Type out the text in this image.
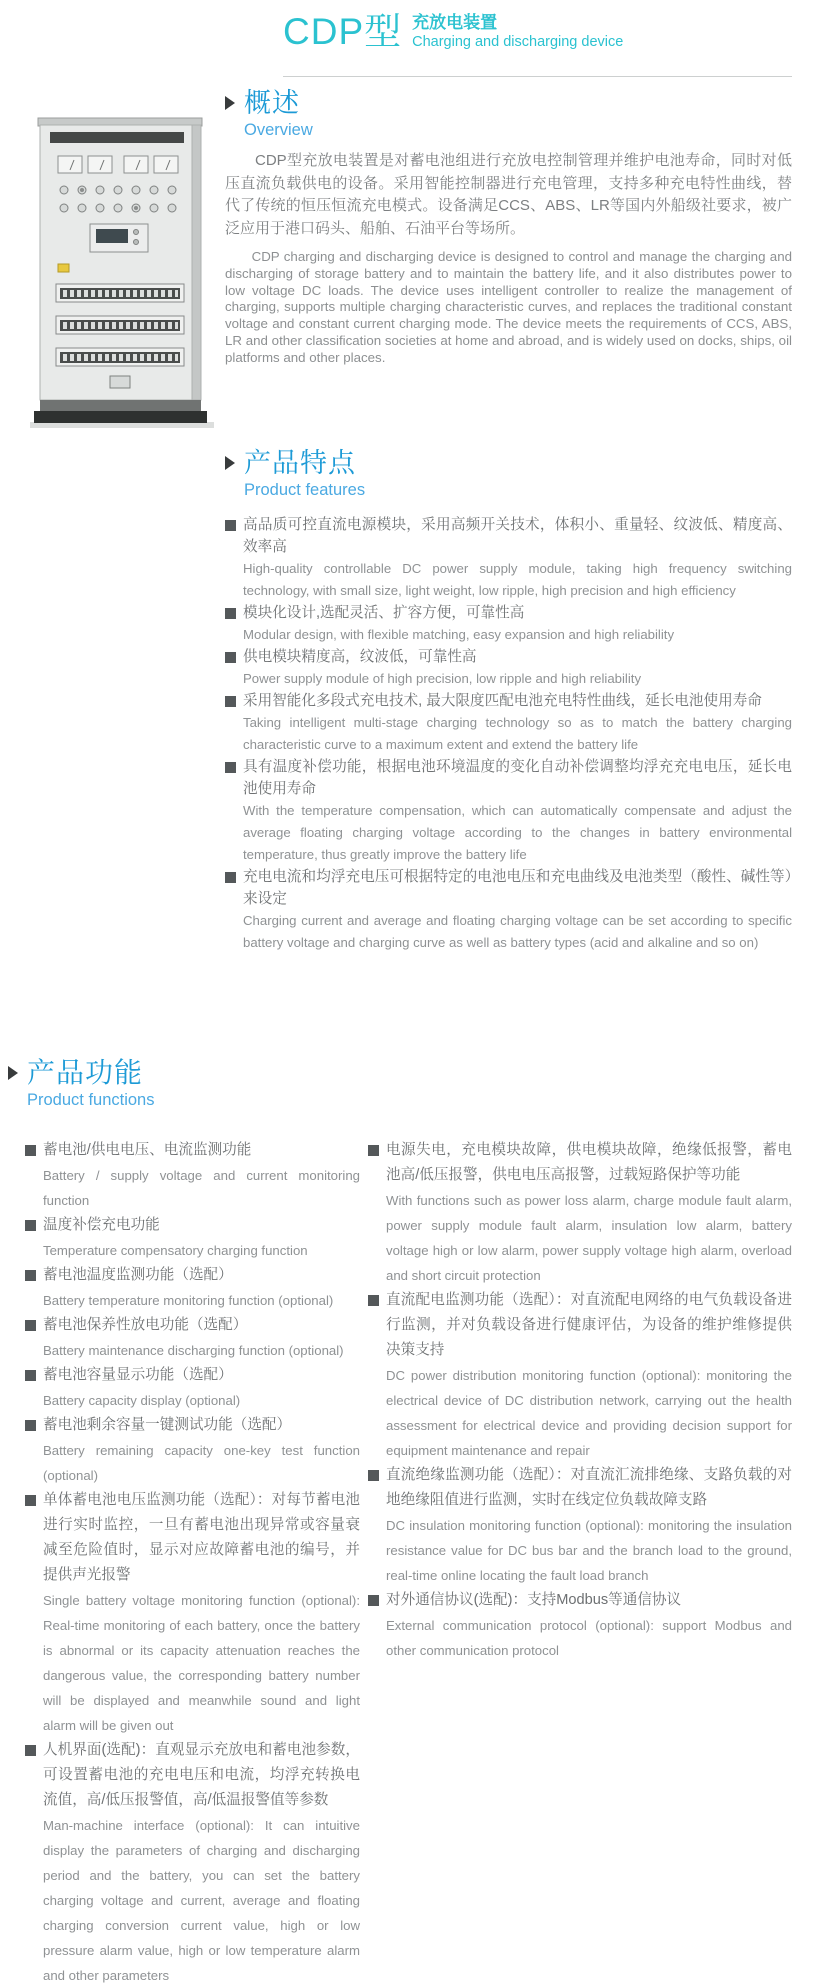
CDP型 充放电装置
Charging and discharging device
概述
Overview

CDP型充放电装置是对蓄电池组进行充放电控制管理并维护电池寿命，同时对低压直流负载供电的设备。采用智能控制器进行充电管理，支持多种充电特性曲线，替代了传统的恒压恒流充电模式。设备满足CCS、ABS、LR等国内外船级社要求，被广泛应用于港口码头、船舶、石油平台等场所。

CDP charging and discharging device is designed to control and manage the charging and discharging of storage battery and to maintain the battery life, and it also distributes power to low voltage DC loads. The device uses intelligent controller to realize the management of charging, supports multiple charging characteristic curves, and replaces the traditional constant voltage and constant current charging mode. The device meets the requirements of CCS, ABS, LR and other classification societies at home and abroad, and is widely used on docks, ships, oil platforms and other places.

产品特点
Product features
高品质可控直流电源模块，采用高频开关技术，体积小、重量轻、纹波低、精度高、效率高
High-quality controllable DC power supply module, taking high frequency switching technology, with small size, light weight, low ripple, high precision and high efficiency
模块化设计,选配灵活、扩容方便，可靠性高
Modular design, with flexible matching, easy expansion and high reliability
供电模块精度高，纹波低，可靠性高
Power supply module of high precision, low ripple and high reliability
采用智能化多段式充电技术, 最大限度匹配电池充电特性曲线，延长电池使用寿命
Taking intelligent multi-stage charging technology so as to match the battery charging characteristic curve to a maximum extent and extend the battery life
具有温度补偿功能，根据电池环境温度的变化自动补偿调整均浮充充电电压，延长电池使用寿命
With the temperature compensation, which can automatically compensate and adjust the average floating charging voltage according to the changes in battery environmental temperature, thus greatly improve the battery life
充电电流和均浮充电压可根据特定的电池电压和充电曲线及电池类型（酸性、碱性等）来设定
Charging current and average and floating charging voltage can be set according to specific battery voltage and charging curve as well as battery types (acid and alkaline and so on)
产品功能
Product functions
蓄电池/供电电压、电流监测功能
Battery / supply voltage and current monitoring function
温度补偿充电功能
Temperature compensatory charging function
蓄电池温度监测功能（选配）
Battery temperature monitoring function (optional)
蓄电池保养性放电功能（选配）
Battery maintenance discharging function (optional)
蓄电池容量显示功能（选配）
Battery capacity display (optional)
蓄电池剩余容量一键测试功能（选配）
Battery remaining capacity one-key test function (optional)
单体蓄电池电压监测功能（选配）：对每节蓄电池进行实时监控，一旦有蓄电池出现异常或容量衰减至危险值时，显示对应故障蓄电池的编号，并提供声光报警
Single battery voltage monitoring function (optional): Real-time monitoring of each battery, once the battery is abnormal or its capacity attenuation reaches the dangerous value, the corresponding battery number will be displayed and meanwhile sound and light alarm will be given out
人机界面(选配)：直观显示充放电和蓄电池参数，可设置蓄电池的充电电压和电流，均浮充转换电流值，高/低压报警值，高/低温报警值等参数
Man-machine interface (optional): It can intuitive display the parameters of charging and discharging period and the battery, you can set the battery charging voltage and current, average and floating charging conversion current value, high or low pressure alarm value, high or low temperature alarm and other parameters
电源失电，充电模块故障，供电模块故障，绝缘低报警，蓄电池高/低压报警，供电电压高报警，过载短路保护等功能
With functions such as power loss alarm, charge module fault alarm, power supply module fault alarm, insulation low alarm, battery voltage high or low alarm, power supply voltage high alarm, overload and short circuit protection
直流配电监测功能（选配）：对直流配电网络的电气负载设备进行监测，并对负载设备进行健康评估，为设备的维护维修提供决策支持
DC power distribution monitoring function (optional): monitoring the electrical device of DC distribution network, carrying out the health assessment for electrical device and providing decision support for equipment maintenance and repair
直流绝缘监测功能（选配）：对直流汇流排绝缘、支路负载的对地绝缘阻值进行监测，实时在线定位负载故障支路
DC insulation monitoring function (optional): monitoring the insulation resistance value for DC bus bar and the branch load to the ground, real-time online locating the fault load branch
对外通信协议(选配)：支持Modbus等通信协议
External communication protocol (optional): support Modbus and other communication protocol
